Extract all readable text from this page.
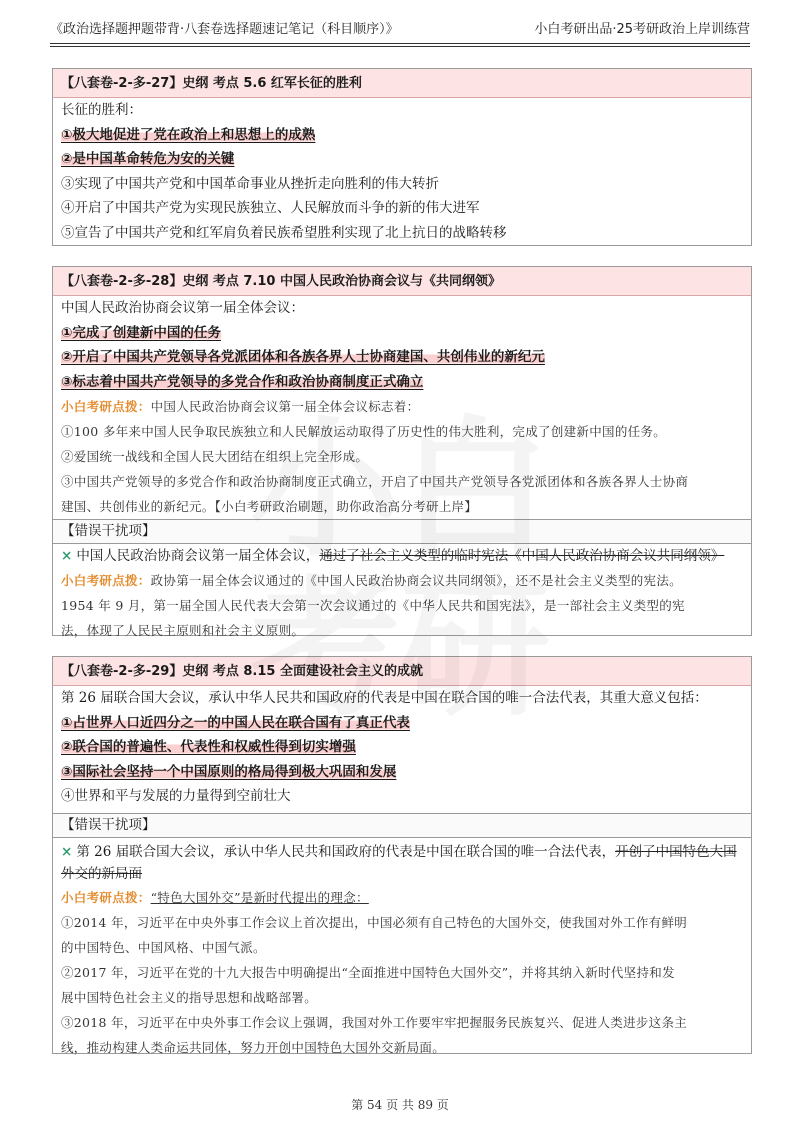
《政治选择题押题带背·八套卷选择题速记笔记（科目顺序）》	小白考研出品·25考研政治上岸训练营
【八套卷-2-多-27】史纲 考点 5.6 红军长征的胜利
长征的胜利：
①极大地促进了党在政治上和思想上的成熟
②是中国革命转危为安的关键
③实现了中国共产党和中国革命事业从挫折走向胜利的伟大转折
④开启了中国共产党为实现民族独立、人民解放而斗争的新的伟大进军
⑤宣告了中国共产党和红军肩负着民族希望胜利实现了北上抗日的战略转移
【八套卷-2-多-28】史纲 考点 7.10 中国人民政治协商会议与《共同纲领》
中国人民政治协商会议第一届全体会议：
①完成了创建新中国的任务
②开启了中国共产党领导各党派团体和各族各界人士协商建国、共创伟业的新纪元
③标志着中国共产党领导的多党合作和政治协商制度正式确立
小白考研点拨：中国人民政治协商会议第一届全体会议标志着：
①100 多年来中国人民争取民族独立和人民解放运动取得了历史性的伟大胜利，完成了创建新中国的任务。
②爱国统一战线和全国人民大团结在组织上完全形成。
③中国共产党领导的多党合作和政治协商制度正式确立，开启了中国共产党领导各党派团体和各族各界人士协商
建国、共创伟业的新纪元。【小白考研政治刷题，助你政治高分考研上岸】
【错误干扰项】
× 中国人民政治协商会议第一届全体会议，通过了社会主义类型的临时宪法《中国人民政治协商会议共同纲领》
小白考研点拨：政协第一届全体会议通过的《中国人民政治协商会议共同纲领》，还不是社会主义类型的宪法。
1954 年 9 月，第一届全国人民代表大会第一次会议通过的《中华人民共和国宪法》，是一部社会主义类型的宪
法，体现了人民民主原则和社会主义原则。
【八套卷-2-多-29】史纲 考点 8.15 全面建设社会主义的成就
第 26 届联合国大会议，承认中华人民共和国政府的代表是中国在联合国的唯一合法代表，其重大意义包括：
①占世界人口近四分之一的中国人民在联合国有了真正代表
②联合国的普遍性、代表性和权威性得到切实增强
③国际社会坚持一个中国原则的格局得到极大巩固和发展
④世界和平与发展的力量得到空前壮大
【错误干扰项】
× 第 26 届联合国大会议，承认中华人民共和国政府的代表是中国在联合国的唯一合法代表，开创了中国特色大国外交的新局面
小白考研点拨：“特色大国外交”是新时代提出的理念：
①2014 年，习近平在中央外事工作会议上首次提出，中国必须有自己特色的大国外交，使我国对外工作有鲜明
的中国特色、中国风格、中国气派。
②2017 年，习近平在党的十九大报告中明确提出“全面推进中国特色大国外交”，并将其纳入新时代坚持和发
展中国特色社会主义的指导思想和战略部署。
③2018 年，习近平在中央外事工作会议上强调，我国对外工作要牢牢把握服务民族复兴、促进人类进步这条主
线，推动构建人类命运共同体，努力开创中国特色大国外交新局面。
第 54 页 共 89 页
